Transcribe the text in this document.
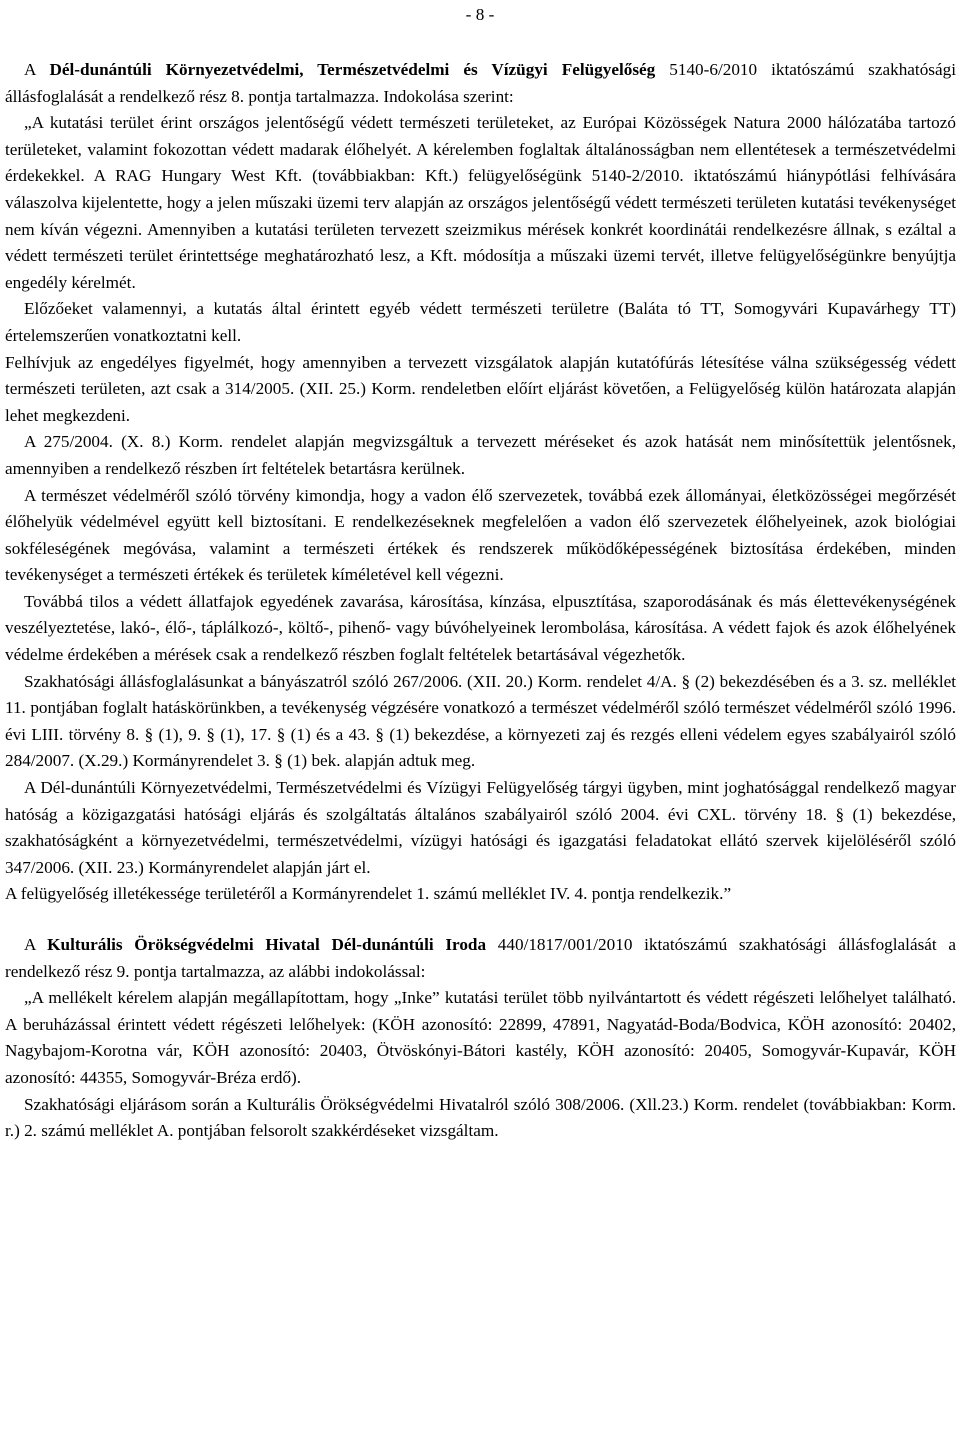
- 8 -

A Dél-dunántúli Környezetvédelmi, Természetvédelmi és Vízügyi Felügyelőség 5140-6/2010 iktatószámú szakhatósági állásfoglalását a rendelkező rész 8. pontja tartalmazza. Indokolása szerint:

„A kutatási terület érint országos jelentőségű védett természeti területeket, az Európai Közösségek Natura 2000 hálózatába tartozó területeket, valamint fokozottan védett madarak élőhelyét. A kérelemben foglaltak általánosságban nem ellentétesek a természetvédelmi érdekekkel. A RAG Hungary West Kft. (továbbiakban: Kft.) felügyelőségünk 5140-2/2010. iktatószámú hiánypótlási felhívására válaszolva kijelentette, hogy a jelen műszaki üzemi terv alapján az országos jelentőségű védett természeti területen kutatási tevékenységet nem kíván végezni. Amennyiben a kutatási területen tervezett szeizmikus mérések konkrét koordinátái rendelkezésre állnak, s ezáltal a védett természeti terület érintettsége meghatározható lesz, a Kft. módosítja a műszaki üzemi tervét, illetve felügyelőségünkre benyújtja engedély kérelmét.

Előzőeket valamennyi, a kutatás által érintett egyéb védett természeti területre (Baláta tó TT, Somogyvári Kupavárhegy TT) értelemszerűen vonatkoztatni kell.

Felhívjuk az engedélyes figyelmét, hogy amennyiben a tervezett vizsgálatok alapján kutatófúrás létesítése válna szükségesség védett természeti területen, azt csak a 314/2005. (XII. 25.) Korm. rendeletben előírt eljárást követően, a Felügyelőség külön határozata alapján lehet megkezdeni.

A 275/2004. (X. 8.) Korm. rendelet alapján megvizsgáltuk a tervezett méréseket és azok hatását nem minősítettük jelentősnek, amennyiben a rendelkező részben írt feltételek betartásra kerülnek.

A természet védelméről szóló törvény kimondja, hogy a vadon élő szervezetek, továbbá ezek állományai, életközösségei megőrzését élőhelyük védelmével együtt kell biztosítani. E rendelkezéseknek megfelelően a vadon élő szervezetek élőhelyeinek, azok biológiai sokféleségének megóvása, valamint a természeti értékek és rendszerek működőképességének biztosítása érdekében, minden tevékenységet a természeti értékek és területek kíméletével kell végezni.

Továbbá tilos a védett állatfajok egyedének zavarása, károsítása, kínzása, elpusztítása, szaporodásának és más élettevékenységének veszélyeztetése, lakó-, élő-, táplálkozó-, költő-, pihenő- vagy búvóhelyeinek lerombolása, károsítása. A védett fajok és azok élőhelyének védelme érdekében a mérések csak a rendelkező részben foglalt feltételek betartásával végezhetők.

Szakhatósági állásfoglalásunkat a bányászatról szóló 267/2006. (XII. 20.) Korm. rendelet 4/A. § (2) bekezdésében és a 3. sz. melléklet 11. pontjában foglalt hatáskörünkben, a tevékenység végzésére vonatkozó a természet védelméről szóló természet védelméről szóló 1996. évi LIII. törvény 8. § (1), 9. § (1), 17. § (1) és a 43. § (1) bekezdése, a környezeti zaj és rezgés elleni védelem egyes szabályairól szóló 284/2007. (X.29.) Kormányrendelet 3. § (1) bek. alapján adtuk meg.

A Dél-dunántúli Környezetvédelmi, Természetvédelmi és Vízügyi Felügyelőség tárgyi ügyben, mint joghatósággal rendelkező magyar hatóság a közigazgatási hatósági eljárás és szolgáltatás általános szabályairól szóló 2004. évi CXL. törvény 18. § (1) bekezdése, szakhatóságként a környezetvédelmi, természetvédelmi, vízügyi hatósági és igazgatási feladatokat ellátó szervek kijelöléséről szóló 347/2006. (XII. 23.) Kormányrendelet alapján járt el.

A felügyelőség illetékessége területéről a Kormányrendelet 1. számú melléklet IV. 4. pontja rendelkezik.”

A Kulturális Örökségvédelmi Hivatal Dél-dunántúli Iroda 440/1817/001/2010 iktatószámú szakhatósági állásfoglalását a rendelkező rész 9. pontja tartalmazza, az alábbi indokolással:

„A mellékelt kérelem alapján megállapítottam, hogy „Inke” kutatási terület több nyilvántartott és védett régészeti lelőhelyet található. A beruházással érintett védett régészeti lelőhelyek: (KÖH azonosító: 22899, 47891, Nagyatád-Boda/Bodvica, KÖH azonosító: 20402, Nagybajom-Korotna vár, KÖH azonosító: 20403, Ötvöskónyi-Bátori kastély, KÖH azonosító: 20405, Somogyvár-Kupavár, KÖH azonosító: 44355, Somogyvár-Bréza erdő).

Szakhatósági eljárásom során a Kulturális Örökségvédelmi Hivatalról szóló 308/2006. (Xll.23.) Korm. rendelet (továbbiakban: Korm. r.) 2. számú melléklet A. pontjában felsorolt szakkérdéseket vizsgáltam.
